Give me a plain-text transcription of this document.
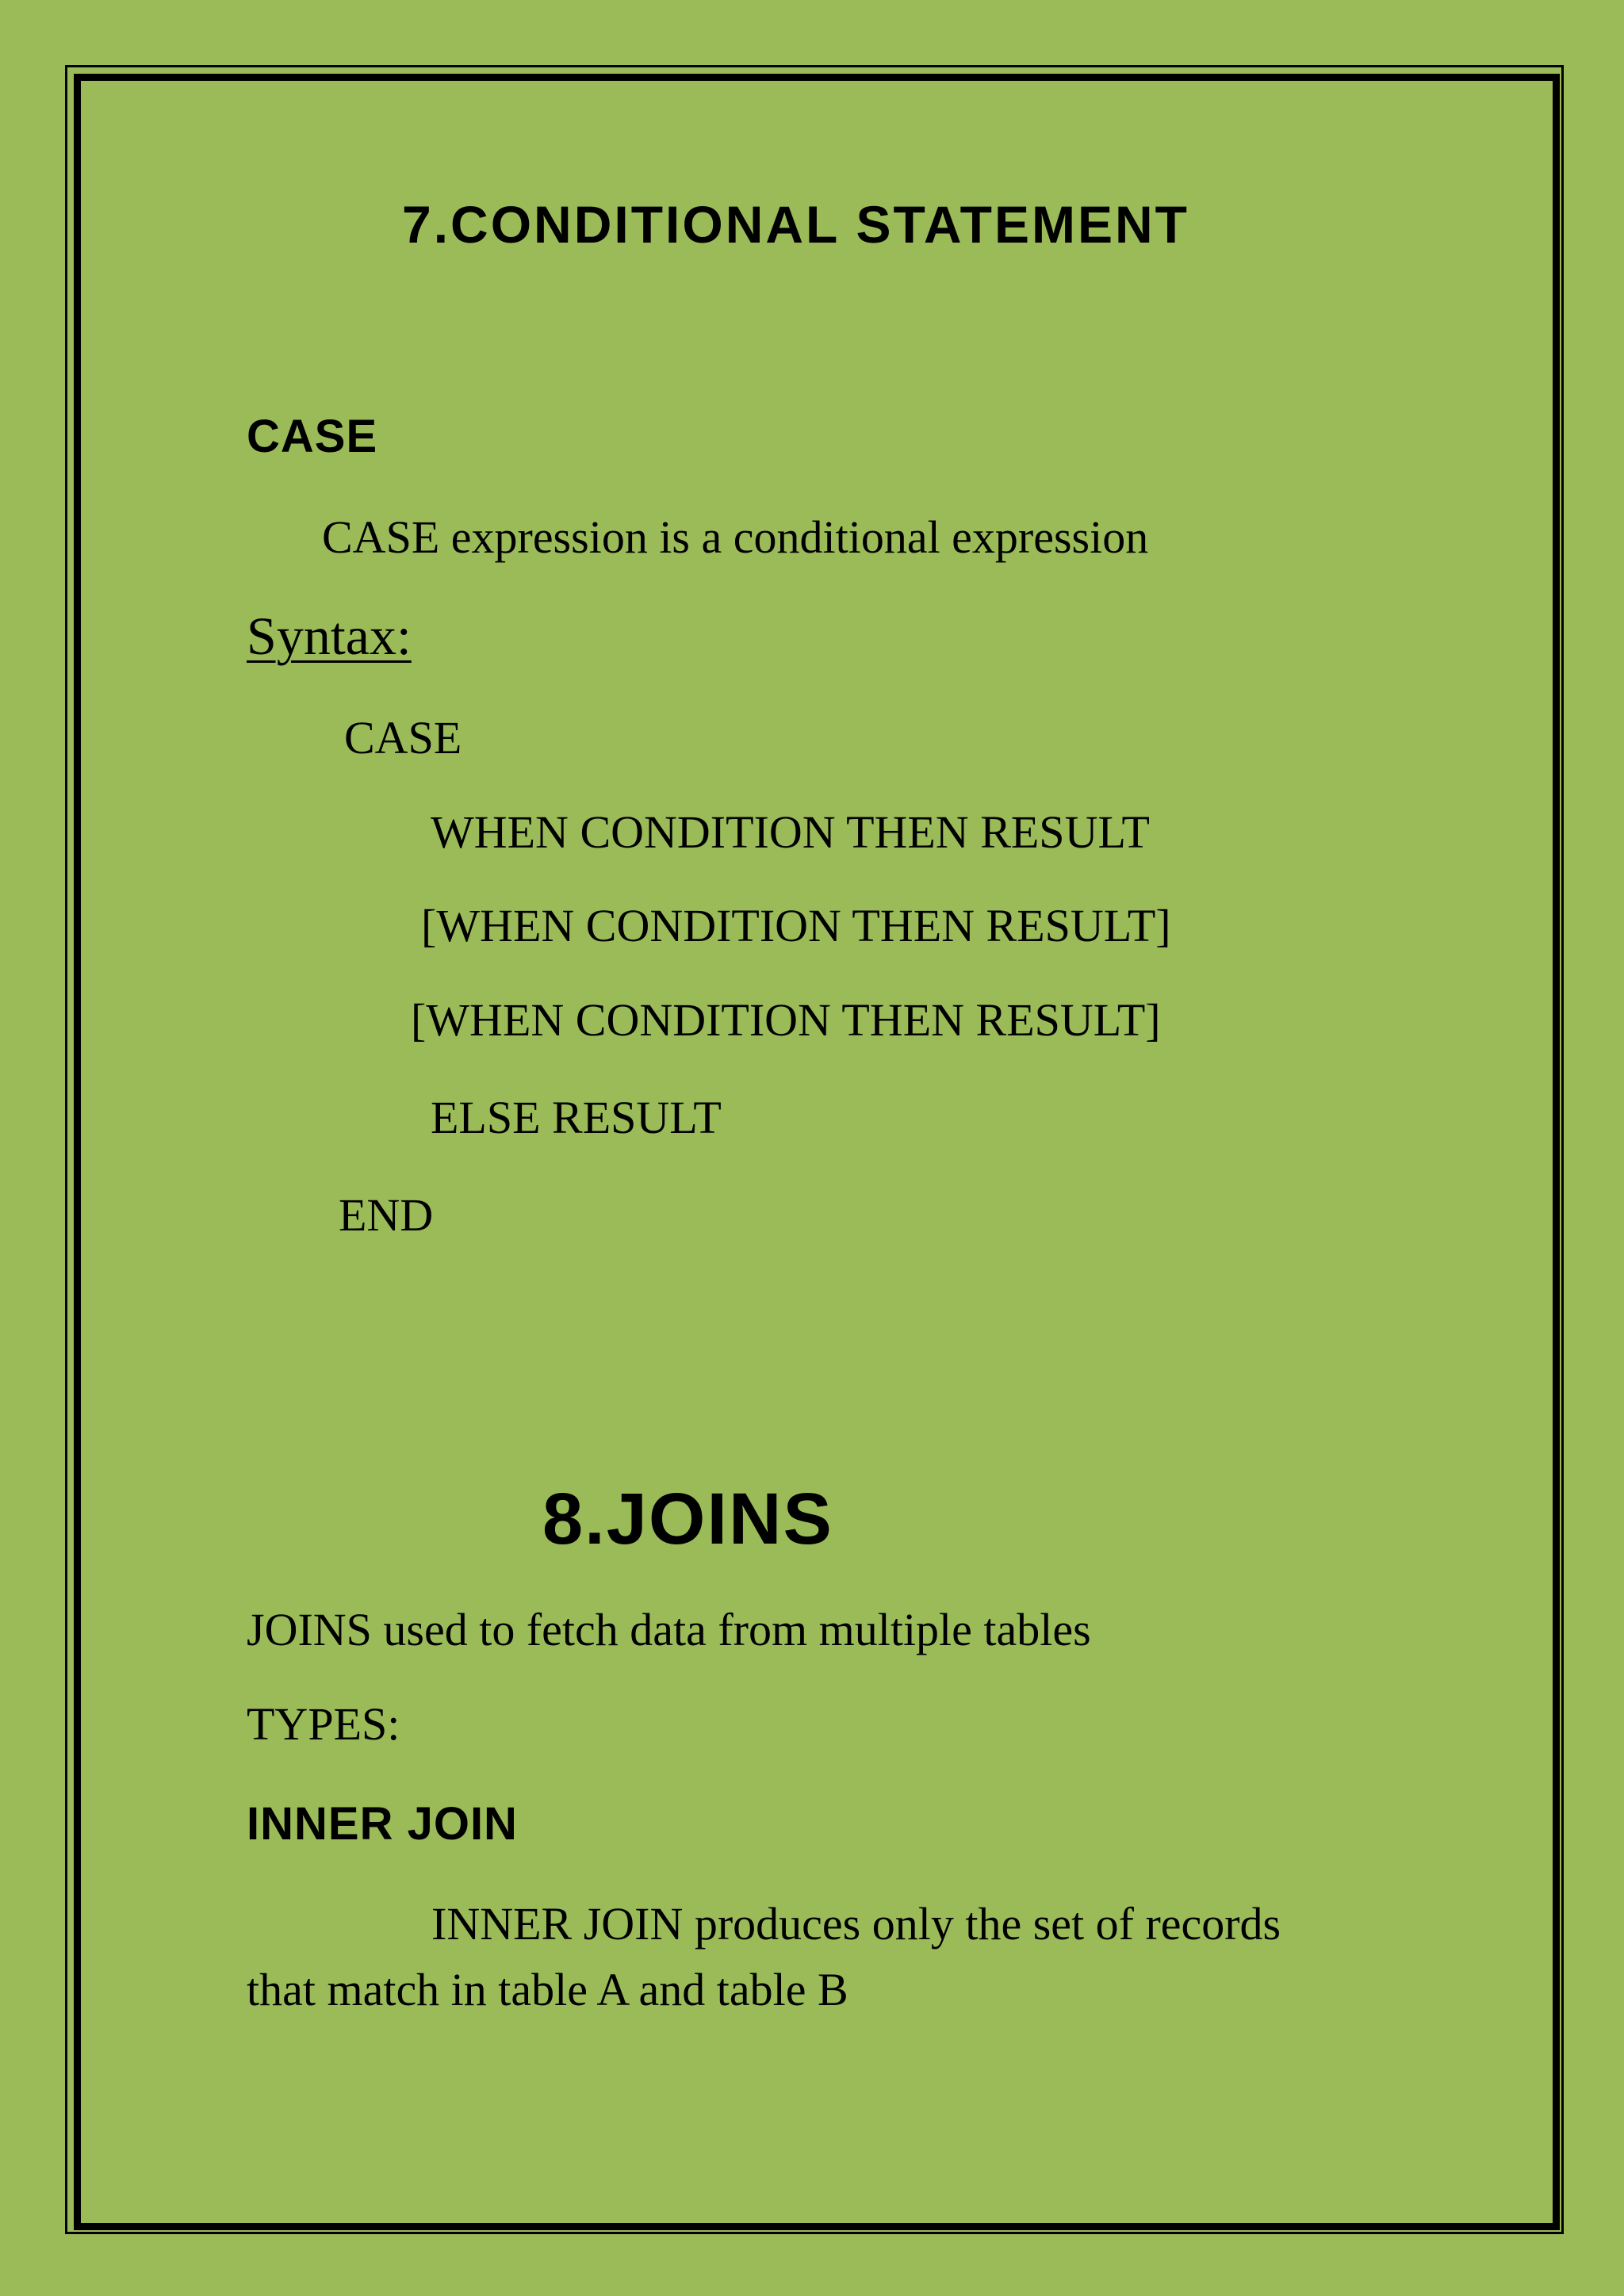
7.CONDITIONAL STATEMENT
CASE
CASE expression is a conditional expression
Syntax:
CASE
WHEN CONDITION THEN RESULT
[WHEN CONDITION THEN RESULT]
[WHEN CONDITION THEN RESULT]
ELSE RESULT
END
8.JOINS
JOINS used to fetch data from multiple tables
TYPES:
INNER JOIN
INNER JOIN produces only the set of records
that match in table A and table B
